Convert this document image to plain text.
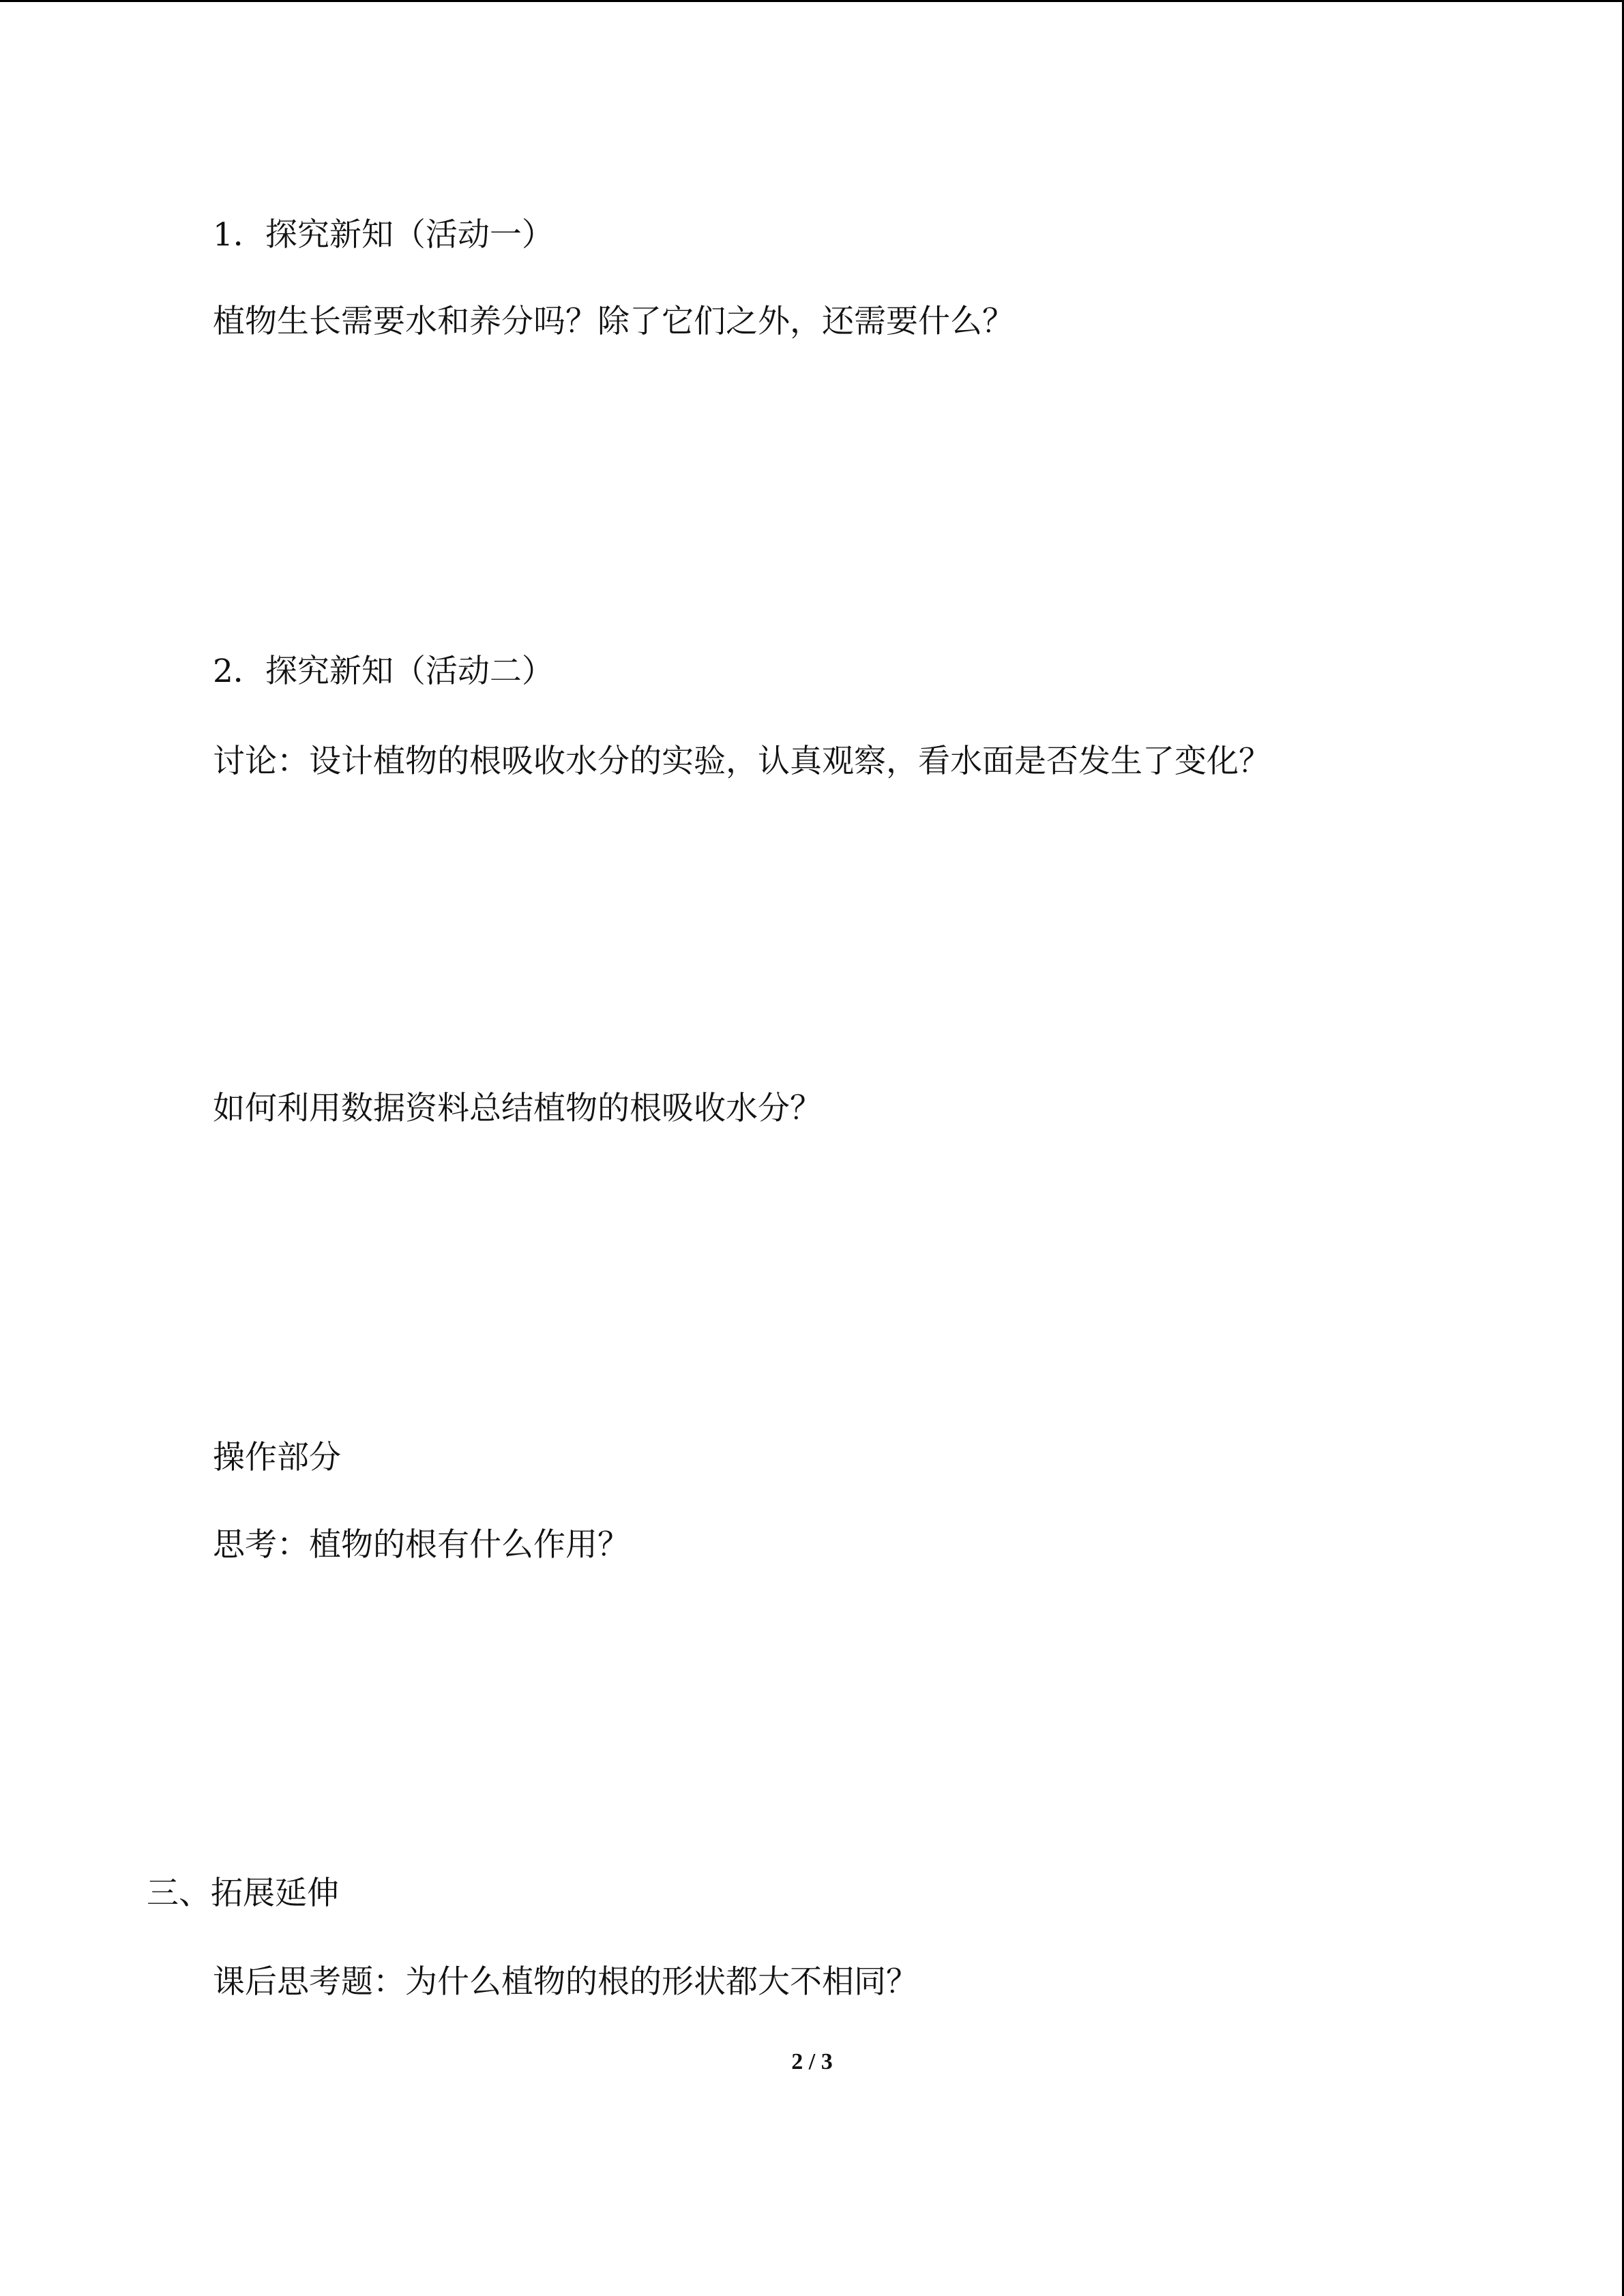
1．探究新知（活动一）
植物生长需要水和养分吗？除了它们之外，还需要什么？
2．探究新知（活动二）
讨论：设计植物的根吸收水分的实验，认真观察，看水面是否发生了变化？
如何利用数据资料总结植物的根吸收水分？
操作部分
思考：植物的根有什么作用？
三、拓展延伸
课后思考题：为什么植物的根的形状都大不相同？
2 / 3
